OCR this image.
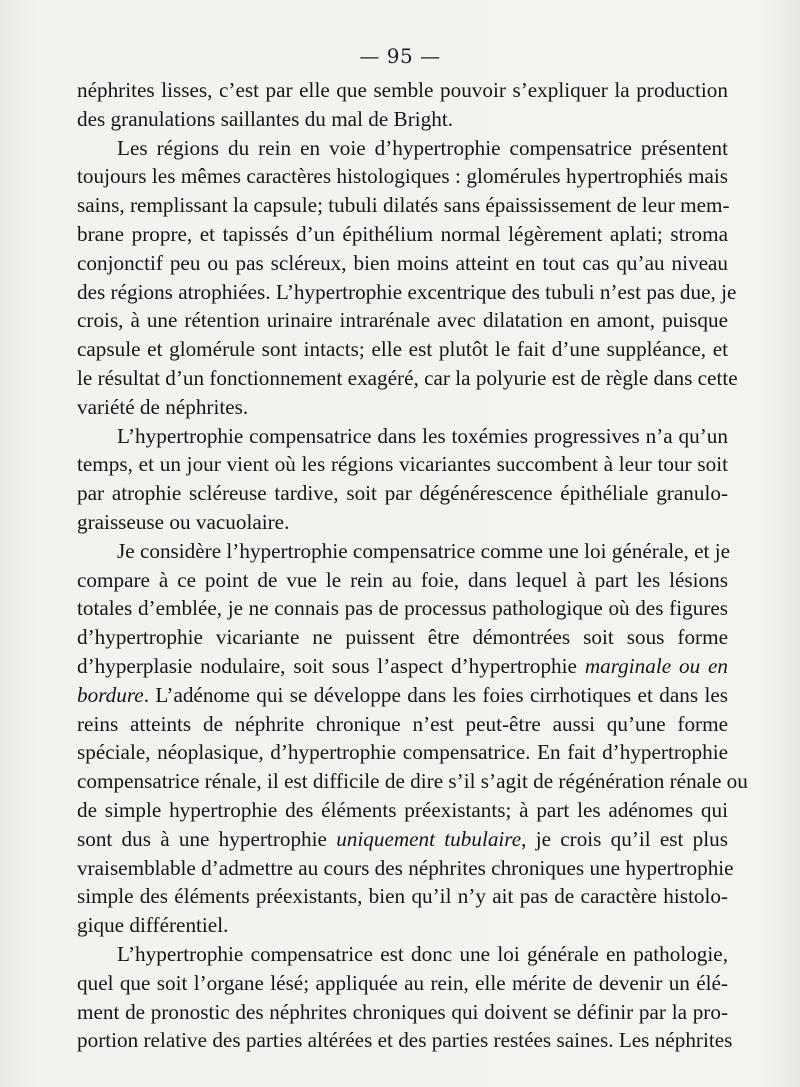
— 95 —
néphrites lisses, c’est par elle que semble pouvoir s’expliquer la production
des granulations saillantes du mal de Bright.
Les régions du rein en voie d’hypertrophie compensatrice présentent
toujours les mêmes caractères histologiques : glomérules hypertrophiés mais
sains, remplissant la capsule; tubuli dilatés sans épaississement de leur mem-
brane propre, et tapissés d’un épithélium normal légèrement aplati; stroma
conjonctif peu ou pas scléreux, bien moins atteint en tout cas qu’au niveau
des régions atrophiées. L’hypertrophie excentrique des tubuli n’est pas due, je
crois, à une rétention urinaire intrarénale avec dilatation en amont, puisque
capsule et glomérule sont intacts; elle est plutôt le fait d’une suppléance, et
le résultat d’un fonctionnement exagéré, car la polyurie est de règle dans cette
variété de néphrites.
L’hypertrophie compensatrice dans les toxémies progressives n’a qu’un
temps, et un jour vient où les régions vicariantes succombent à leur tour soit
par atrophie scléreuse tardive, soit par dégénérescence épithéliale granulo-
graisseuse ou vacuolaire.
Je considère l’hypertrophie compensatrice comme une loi générale, et je
compare à ce point de vue le rein au foie, dans lequel à part les lésions
totales d’emblée, je ne connais pas de processus pathologique où des figures
d’hypertrophie vicariante ne puissent être démontrées soit sous forme
d’hyperplasie nodulaire, soit sous l’aspect d’hypertrophie marginale ou en
bordure. L’adénome qui se développe dans les foies cirrhotiques et dans les
reins atteints de néphrite chronique n’est peut-être aussi qu’une forme
spéciale, néoplasique, d’hypertrophie compensatrice. En fait d’hypertrophie
compensatrice rénale, il est difficile de dire s’il s’agit de régénération rénale ou
de simple hypertrophie des éléments préexistants; à part les adénomes qui
sont dus à une hypertrophie uniquement tubulaire, je crois qu’il est plus
vraisemblable d’admettre au cours des néphrites chroniques une hypertrophie
simple des éléments préexistants, bien qu’il n’y ait pas de caractère histolo-
gique différentiel.
L’hypertrophie compensatrice est donc une loi générale en pathologie,
quel que soit l’organe lésé; appliquée au rein, elle mérite de devenir un élé-
ment de pronostic des néphrites chroniques qui doivent se définir par la pro-
portion relative des parties altérées et des parties restées saines. Les néphrites
